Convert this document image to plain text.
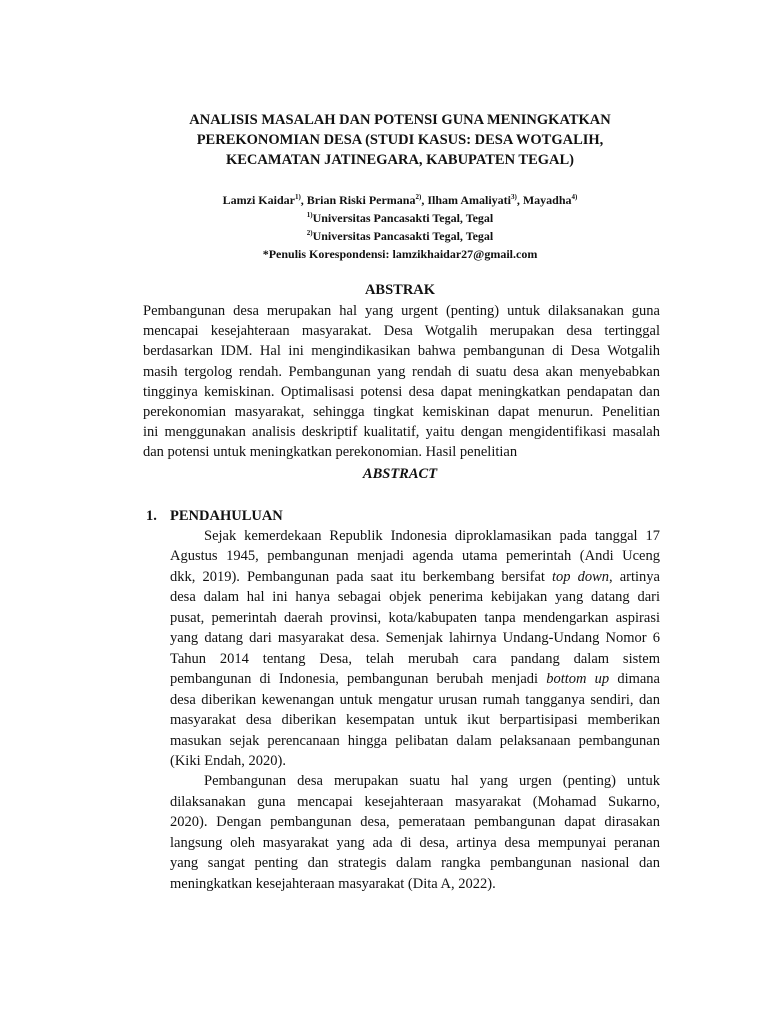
ANALISIS MASALAH DAN POTENSI GUNA MENINGKATKAN
PEREKONOMIAN DESA (STUDI KASUS: DESA WOTGALIH,
KECAMATAN JATINEGARA, KABUPATEN TEGAL)
Lamzi Kaidar$^{1)}$, Brian Riski Permana$^{2)}$, Ilham Amaliyati$^{3)}$, Mayadha$^{4)}$
$^{1)}$Universitas Pancasakti Tegal, Tegal
$^{2)}$Universitas Pancasakti Tegal, Tegal
*Penulis Korespondensi: lamzikhaidar27@gmail.com
ABSTRAK
Pembangunan desa merupakan hal yang urgent (penting) untuk dilaksanakan guna
mencapai kesejahteraan masyarakat. Desa Wotgalih merupakan desa tertinggal
berdasarkan IDM. Hal ini mengindikasikan bahwa pembangunan di Desa Wotgalih
masih tergolog rendah. Pembangunan yang rendah di suatu desa akan menyebabkan
tingginya kemiskinan. Optimalisasi potensi desa dapat meningkatkan pendapatan dan
perekonomian masyarakat, sehingga tingkat kemiskinan dapat menurun. Penelitian
ini menggunakan analisis deskriptif kualitatif, yaitu dengan mengidentifikasi masalah
dan potensi untuk meningkatkan perekonomian. Hasil penelitian
ABSTRACT
1. PENDAHULUAN
Sejak kemerdekaan Republik Indonesia diproklamasikan pada tanggal 17
Agustus 1945, pembangunan menjadi agenda utama pemerintah (Andi Uceng
dkk, 2019). Pembangunan pada saat itu berkembang bersifat top down, artinya
desa dalam hal ini hanya sebagai objek penerima kebijakan yang datang dari
pusat, pemerintah daerah provinsi, kota/kabupaten tanpa mendengarkan aspirasi
yang datang dari masyarakat desa. Semenjak lahirnya Undang-Undang Nomor 6
Tahun 2014 tentang Desa, telah merubah cara pandang dalam sistem
pembangunan di Indonesia, pembangunan berubah menjadi bottom up dimana
desa diberikan kewenangan untuk mengatur urusan rumah tangganya sendiri, dan
masyarakat desa diberikan kesempatan untuk ikut berpartisipasi memberikan
masukan sejak perencanaan hingga pelibatan dalam pelaksanaan pembangunan
(Kiki Endah, 2020).
Pembangunan desa merupakan suatu hal yang urgen (penting) untuk
dilaksanakan guna mencapai kesejahteraan masyarakat (Mohamad Sukarno,
2020). Dengan pembangunan desa, pemerataan pembangunan dapat dirasakan
langsung oleh masyarakat yang ada di desa, artinya desa mempunyai peranan
yang sangat penting dan strategis dalam rangka pembangunan nasional dan
meningkatkan kesejahteraan masyarakat (Dita A, 2022).
